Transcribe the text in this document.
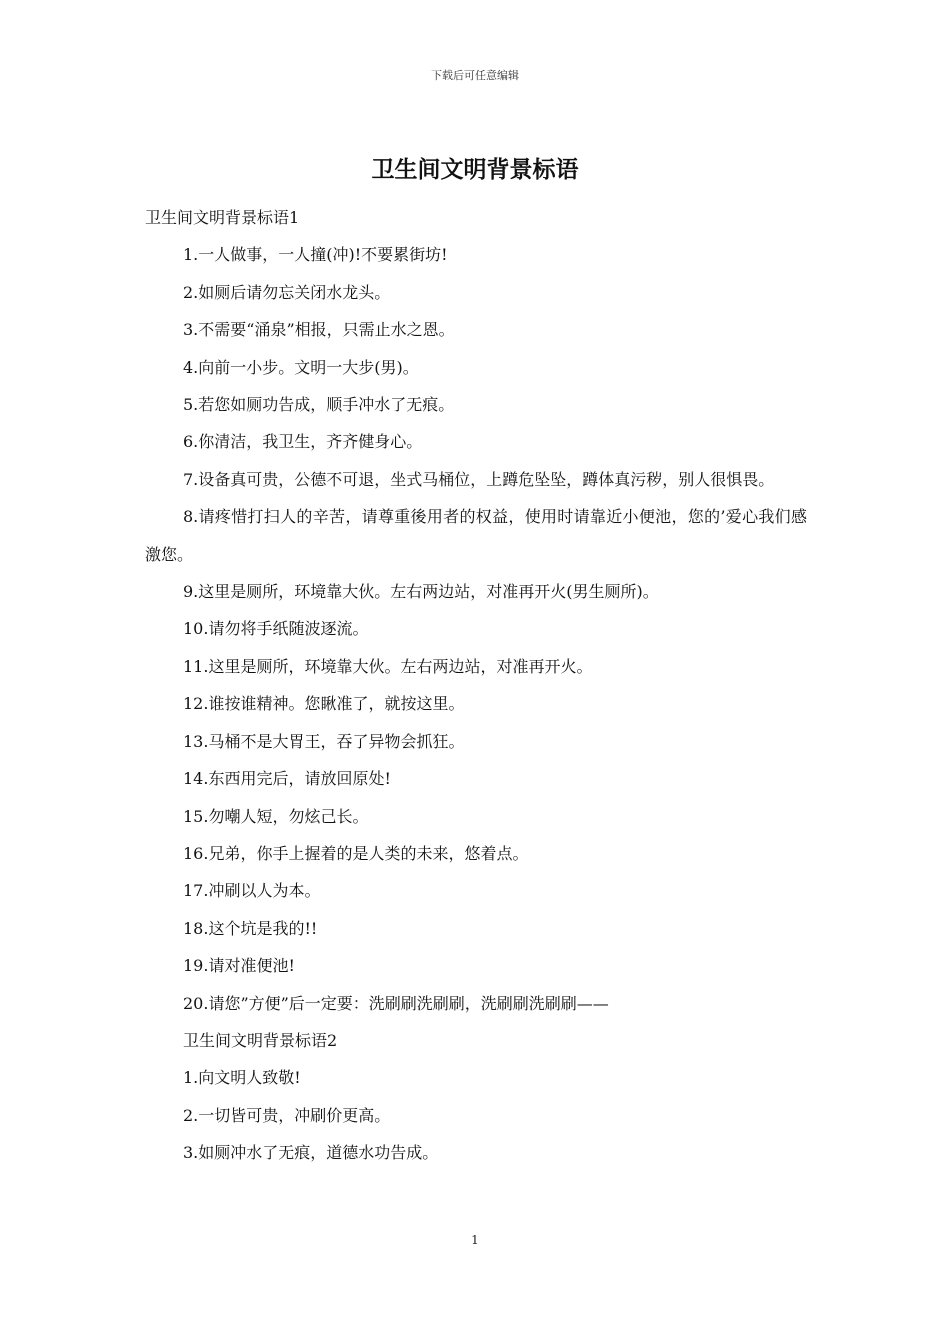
下载后可任意编辑
卫生间文明背景标语

卫生间文明背景标语1

1.一人做事，一人撞(冲)!不要累街坊!

2.如厕后请勿忘关闭水龙头。

3.不需要“涌泉”相报，只需止水之恩。

4.向前一小步。文明一大步(男)。

5.若您如厕功告成，顺手冲水了无痕。

6.你清洁，我卫生，齐齐健身心。

7.设备真可贵，公德不可退，坐式马桶位，上蹲危坠坠，蹲体真污秽，别人很惧畏。

8.请疼惜打扫人的辛苦，请尊重後用者的权益，使用时请靠近小便池，您的’爱心我们感激您。

9.这里是厕所，环境靠大伙。左右两边站，对准再开火(男生厕所)。

10.请勿将手纸随波逐流。

11.这里是厕所，环境靠大伙。左右两边站，对准再开火。

12.谁按谁精神。您瞅准了，就按这里。

13.马桶不是大胃王，吞了异物会抓狂。

14.东西用完后，请放回原处!

15.勿嘲人短，勿炫己长。

16.兄弟，你手上握着的是人类的未来，悠着点。

17.冲刷以人为本。

18.这个坑是我的!!

19.请对准便池!

20.请您”方便”后一定要：洗刷刷洗刷刷，洗刷刷洗刷刷——

卫生间文明背景标语2

1.向文明人致敬!

2.一切皆可贵，冲刷价更高。

3.如厕冲水了无痕，道德水功告成。

1
